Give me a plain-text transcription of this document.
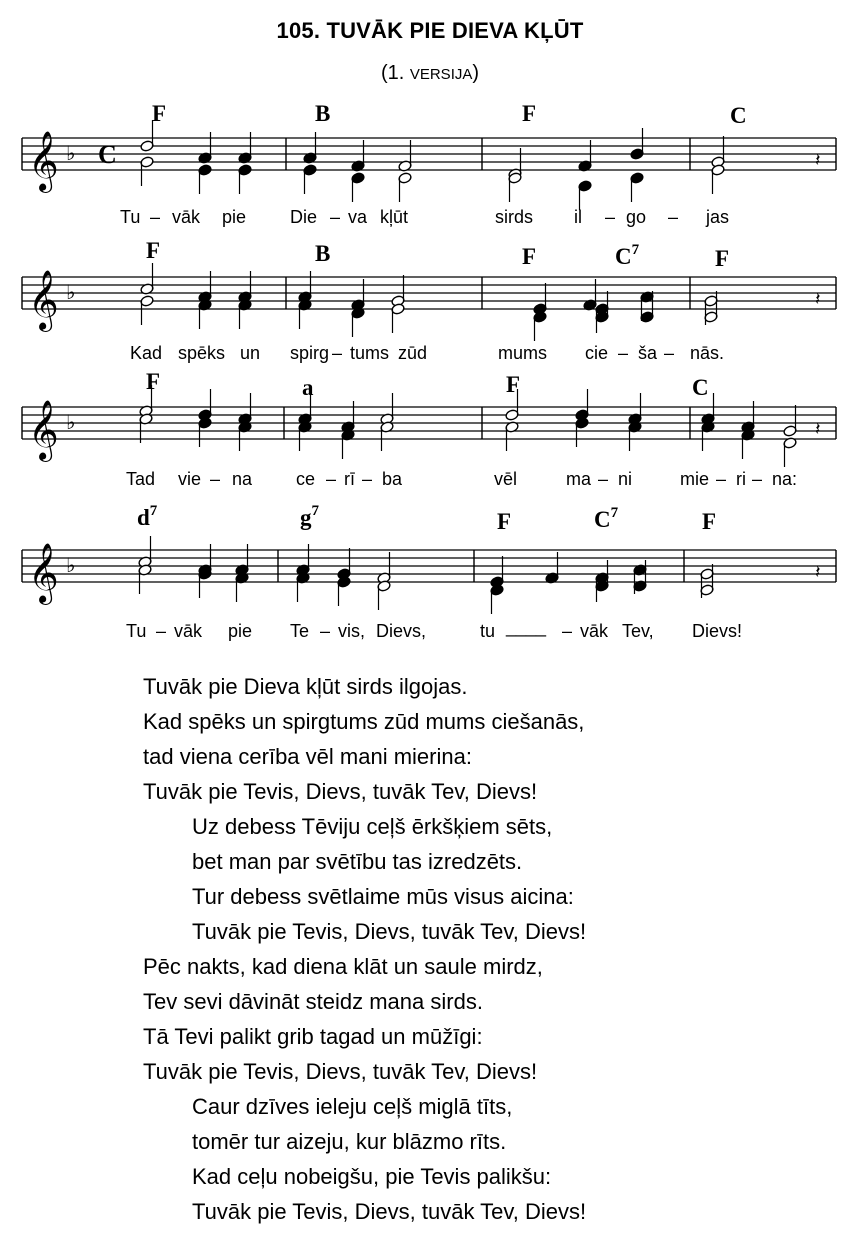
105. TUVĀK PIE DIEVA KĻŪT
(1. VERSIJA)
𝄞 ♭ C	𝄽
F	B	F	C
Tu – vāk pie Die – va kļūt	sirds il – go – jas
𝄞 ♭	𝄽
F	B	F	$C^7$	F
Kad spēks un spirg – tums zūd	mums cie – ša – nās.
𝄞 ♭	𝄽
F	a	F	C
Tad vie – na ce – rī – ba	vēl	ma – ni	mie – ri – na:
𝄞 ♭	𝄽
$d^7$	$g^7$	F	$C^7$	F
Tu – vāk pie Te – vis, Dievs,	tu ____ – vāk Tev, Dievs!
Tuvāk pie Dieva kļūt sirds ilgojas.
Kad spēks un spirgtums zūd mums ciešanās,
tad viena cerība vēl mani mierina:
Tuvāk pie Tevis, Dievs, tuvāk Tev, Dievs!
Uz debess Tēviju ceļš ērkšķiem sēts,
bet man par svētību tas izredzēts.
Tur debess svētlaime mūs visus aicina:
Tuvāk pie Tevis, Dievs, tuvāk Tev, Dievs!
Pēc nakts, kad diena klāt un saule mirdz,
Tev sevi dāvināt steidz mana sirds.
Tā Tevi palikt grib tagad un mūžīgi:
Tuvāk pie Tevis, Dievs, tuvāk Tev, Dievs!
Caur dzīves ieleju ceļš miglā tīts,
tomēr tur aizeju, kur blāzmo rīts.
Kad ceļu nobeigšu, pie Tevis palikšu:
Tuvāk pie Tevis, Dievs, tuvāk Tev, Dievs!
